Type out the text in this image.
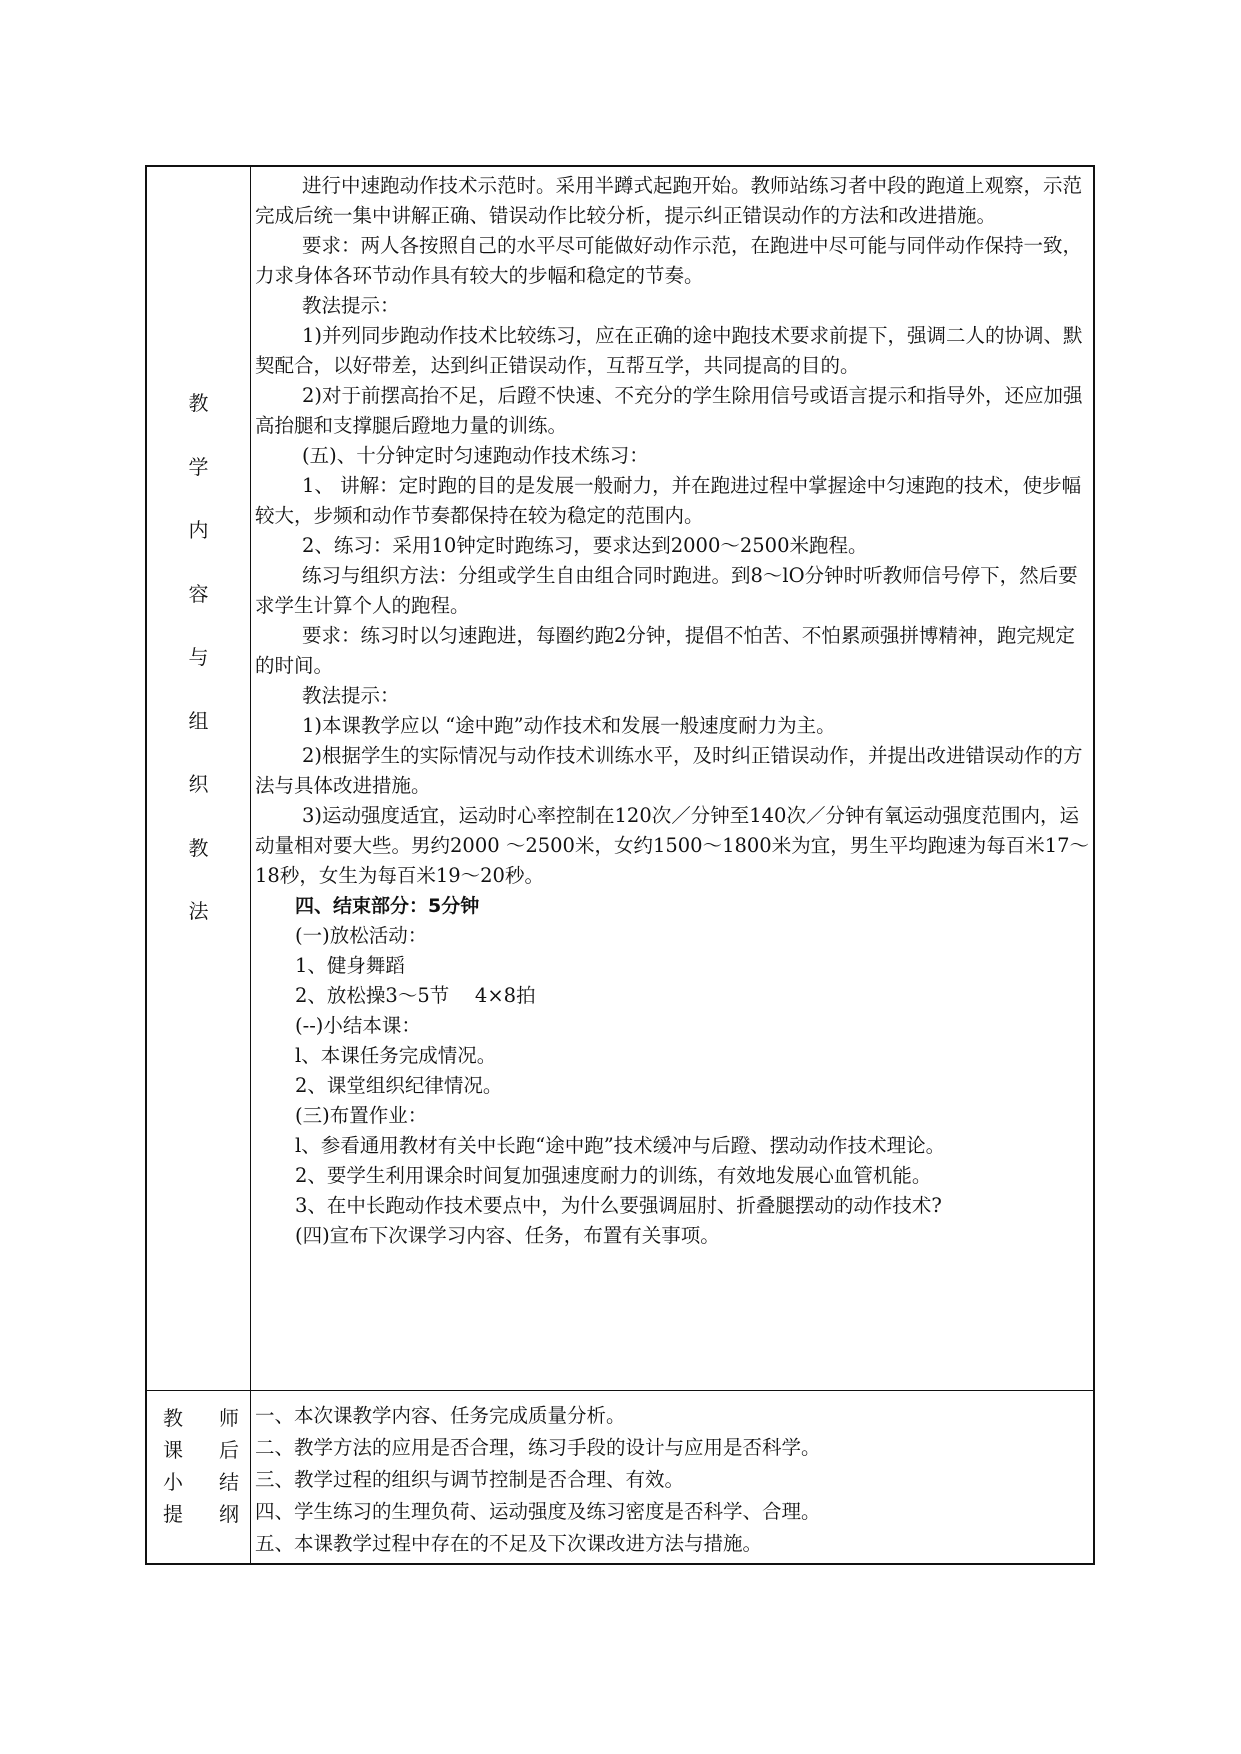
教
学
内
容
与
组
织
教
法

进行中速跑动作技术示范时。采用半蹲式起跑开始。教师站练习者中段的跑道上观察，示范完成后统一集中讲解正确、错误动作比较分析，提示纠正错误动作的方法和改进措施。

要求：两人各按照自己的水平尽可能做好动作示范，在跑进中尽可能与同伴动作保持一致，力求身体各环节动作具有较大的步幅和稳定的节奏。

教法提示：

1)并列同步跑动作技术比较练习，应在正确的途中跑技术要求前提下，强调二人的协调、默契配合，以好带差，达到纠正错误动作，互帮互学，共同提高的目的。

2)对于前摆高抬不足，后蹬不快速、不充分的学生除用信号或语言提示和指导外，还应加强高抬腿和支撑腿后蹬地力量的训练。

(五)、十分钟定时匀速跑动作技术练习：

1、 讲解：定时跑的目的是发展一般耐力，并在跑进过程中掌握途中匀速跑的技术，使步幅较大，步频和动作节奏都保持在较为稳定的范围内。

2、练习：采用10钟定时跑练习，要求达到2000～2500米跑程。

练习与组织方法：分组或学生自由组合同时跑进。到8～lO分钟时听教师信号停下，然后要求学生计算个人的跑程。

要求：练习时以匀速跑进，每圈约跑2分钟，提倡不怕苦、不怕累顽强拼博精神，跑完规定的时间。

教法提示：

1)本课教学应以 “途中跑”动作技术和发展一般速度耐力为主。

2)根据学生的实际情况与动作技术训练水平，及时纠正错误动作，并提出改进错误动作的方法与具体改进措施。

3)运动强度适宜，运动时心率控制在120次／分钟至140次／分钟有氧运动强度范围内，运动量相对要大些。男约2000 ～2500米，女约1500～1800米为宜，男生平均跑速为每百米17～18秒，女生为每百米19～20秒。

四、结束部分：5分钟

(一)放松活动：

1、健身舞蹈

2、放松操3～5节　 4×8拍

(--)小结本课：

l、本课任务完成情况。

2、课堂组织纪律情况。

(三)布置作业：

l、参看通用教材有关中长跑“途中跑”技术缓冲与后蹬、摆动动作技术理论。

2、要学生利用课余时间复加强速度耐力的训练，有效地发展心血管机能。

3、在中长跑动作技术要点中，为什么要强调屈肘、折叠腿摆动的动作技术?

(四)宣布下次课学习内容、任务，布置有关事项。

教 师
课 后
小 结
提 纲

一、本次课教学内容、任务完成质量分析。

二、教学方法的应用是否合理，练习手段的设计与应用是否科学。

三、教学过程的组织与调节控制是否合理、有效。

四、学生练习的生理负荷、运动强度及练习密度是否科学、合理。

五、本课教学过程中存在的不足及下次课改进方法与措施。
